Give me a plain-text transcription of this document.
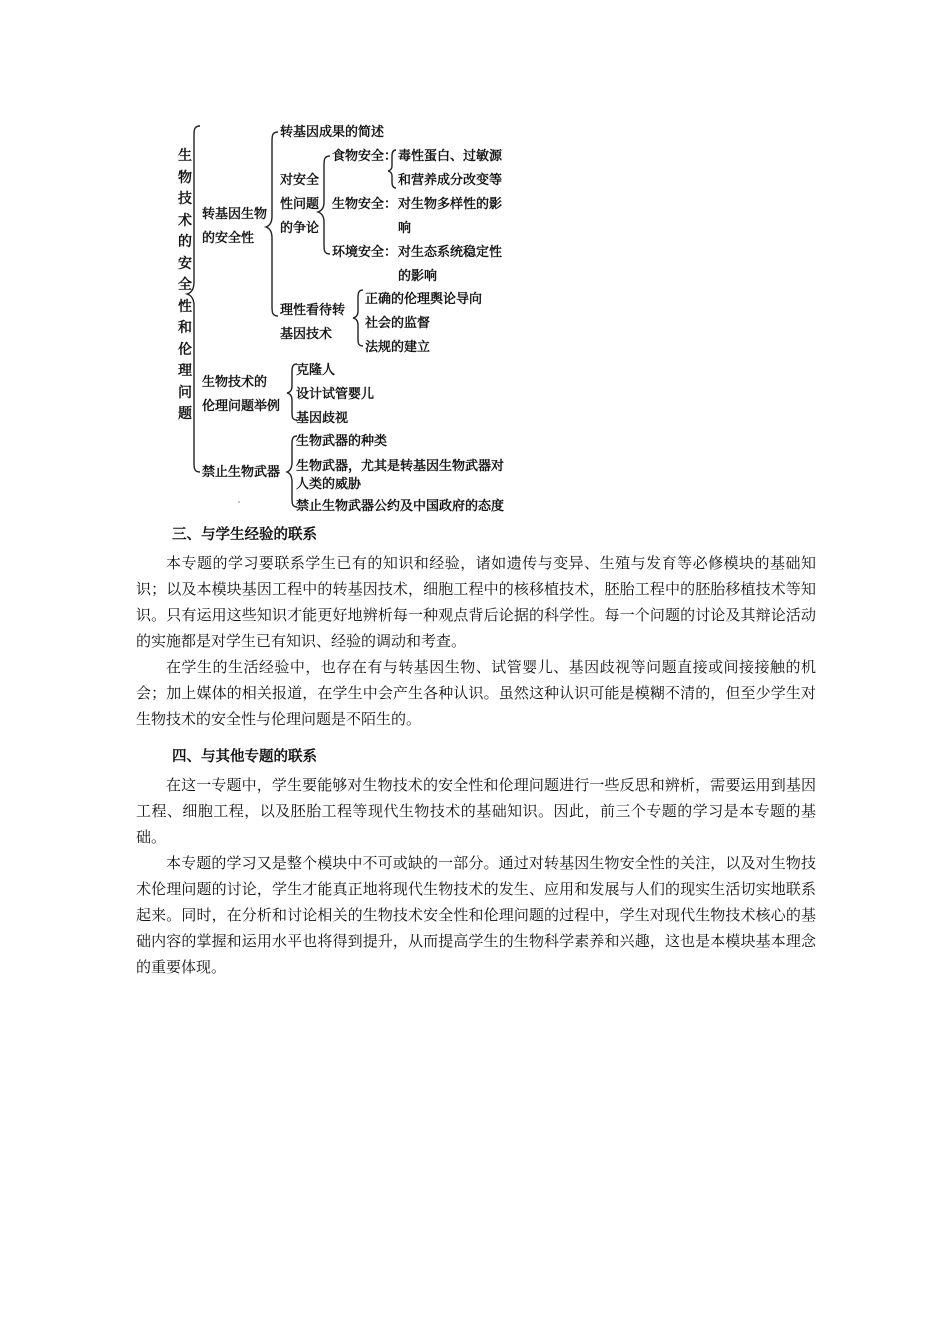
生物技术的安全性和伦理问题
转基因生物
的安全性
转基因成果的简述
对安全
性问题
的争论
食物安全： 毒性蛋白、过敏源
和营养成分改变等
生物安全： 对生物多样性的影
响
环境安全： 对生态系统稳定性
的影响
理性看待转
基因技术
正确的伦理舆论导向
社会的监督
法规的建立
生物技术的
伦理问题举例
克隆人
设计试管婴儿
基因歧视
禁止生物武器
生物武器的种类
生物武器，尤其是转基因生物武器对
人类的威胁
禁止生物武器公约及中国政府的态度
三、与学生经验的联系

本专题的学习要联系学生已有的知识和经验，诸如遗传与变异、生殖与发育等必修模块的基础知识；以及本模块基因工程中的转基因技术，细胞工程中的核移植技术，胚胎工程中的胚胎移植技术等知识。只有运用这些知识才能更好地辨析每一种观点背后论据的科学性。每一个问题的讨论及其辩论活动的实施都是对学生已有知识、经验的调动和考查。

在学生的生活经验中，也存在有与转基因生物、试管婴儿、基因歧视等问题直接或间接接触的机会；加上媒体的相关报道，在学生中会产生各种认识。虽然这种认识可能是模糊不清的，但至少学生对生物技术的安全性与伦理问题是不陌生的。

四、与其他专题的联系

在这一专题中，学生要能够对生物技术的安全性和伦理问题进行一些反思和辨析，需要运用到基因工程、细胞工程，以及胚胎工程等现代生物技术的基础知识。因此，前三个专题的学习是本专题的基础。

本专题的学习又是整个模块中不可或缺的一部分。通过对转基因生物安全性的关注，以及对生物技术伦理问题的讨论，学生才能真正地将现代生物技术的发生、应用和发展与人们的现实生活切实地联系起来。同时，在分析和讨论相关的生物技术安全性和伦理问题的过程中，学生对现代生物技术核心的基础内容的掌握和运用水平也将得到提升，从而提高学生的生物科学素养和兴趣，这也是本模块基本理念的重要体现。
